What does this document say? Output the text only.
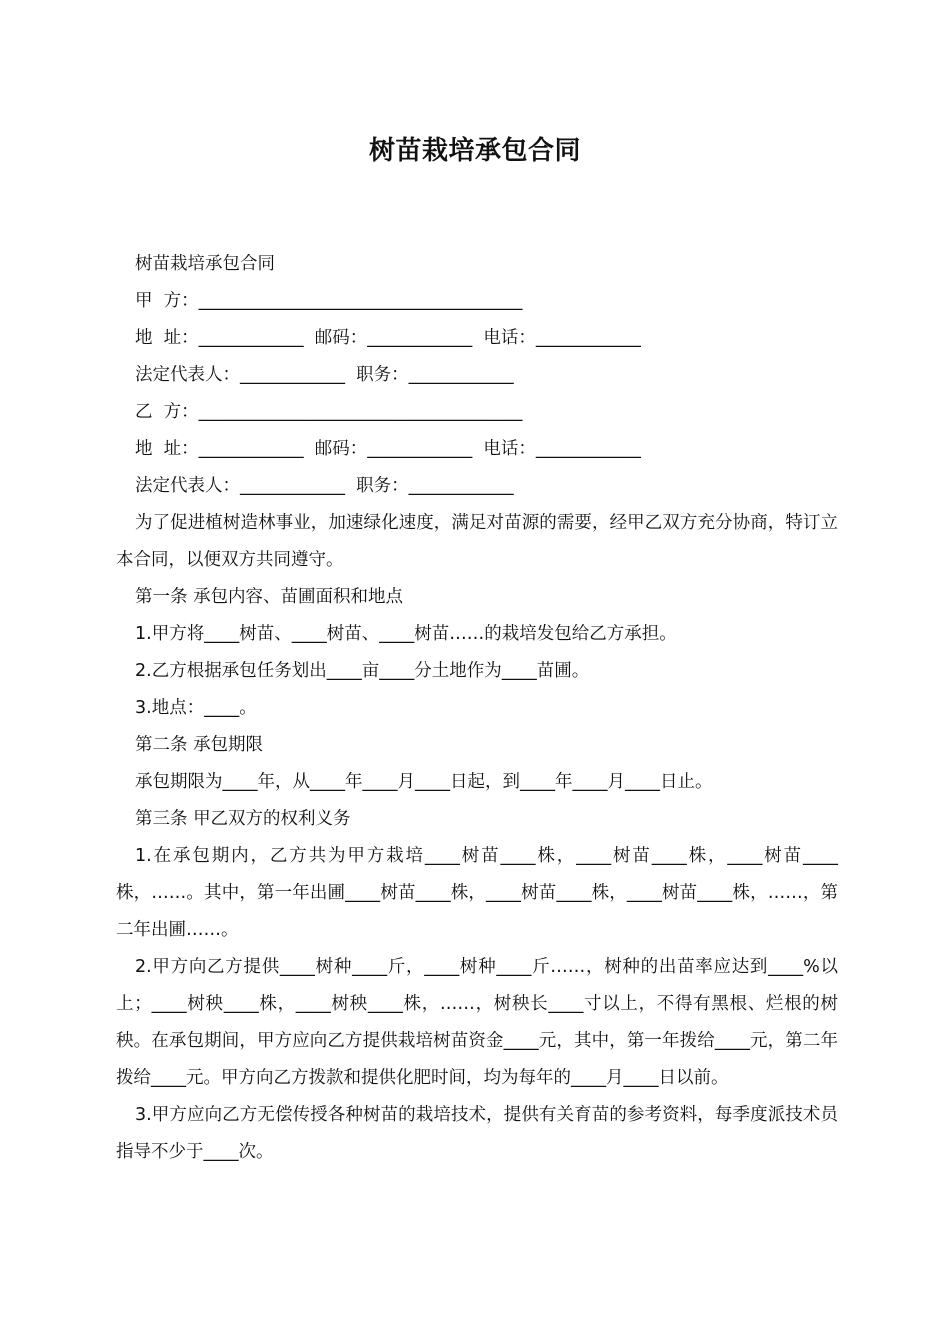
树苗栽培承包合同
树苗栽培承包合同
甲  方：_____________________________________
地  址：____________  邮码：____________  电话：____________
法定代表人：____________  职务：____________
乙  方：_____________________________________
地  址：____________  邮码：____________  电话：____________
法定代表人：____________  职务：____________
为了促进植树造林事业，加速绿化速度，满足对苗源的需要，经甲乙双方充分协商，特订立本合同，以便双方共同遵守。
第一条 承包内容、苗圃面积和地点
1.甲方将____树苗、____树苗、____树苗……的栽培发包给乙方承担。
2.乙方根据承包任务划出____亩____分土地作为____苗圃。
3.地点：____。
第二条 承包期限
承包期限为____年，从____年____月____日起，到____年____月____日止。
第三条 甲乙双方的权利义务
1.在承包期内，乙方共为甲方栽培____树苗____株，____树苗____株，____树苗____株，……。其中，第一年出圃____树苗____株，____树苗____株，____树苗____株，……，第二年出圃……。
2.甲方向乙方提供____树种____斤，____树种____斤……，树种的出苗率应达到____%以上；____树秧____株，____树秧____株，……，树秧长____寸以上，不得有黑根、烂根的树秧。在承包期间，甲方应向乙方提供栽培树苗资金____元，其中，第一年拨给____元，第二年拨给____元。甲方向乙方拨款和提供化肥时间，均为每年的____月____日以前。
3.甲方应向乙方无偿传授各种树苗的栽培技术，提供有关育苗的参考资料，每季度派技术员指导不少于____次。
